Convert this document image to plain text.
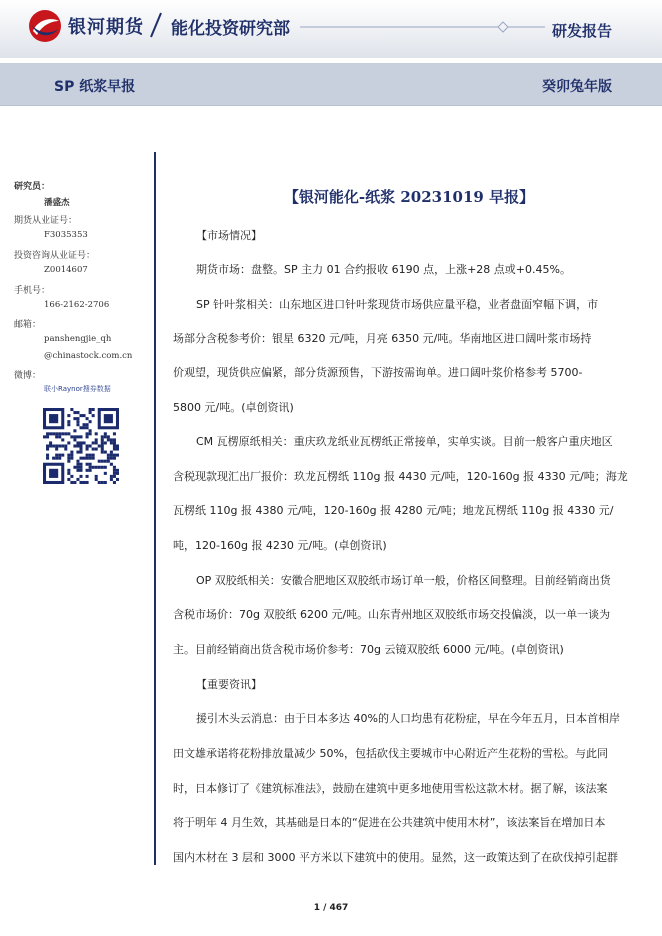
银河期货 能化投资研究部	研发报告
SP 纸浆早报	癸卯兔年版
研究员：
潘盛杰
期货从业证号：
F3035353
投资咨询从业证号：
Z0014607
手机号：
166-2162-2706
邮箱：
panshengjie_qh
@chinastock.com.cn
微博：
联小Raynor搜券数据
【银河能化-纸浆 20231019 早报】
【市场情况】
期货市场：盘整。SP 主力 01 合约报收 6190 点，上涨+28 点或+0.45%。
SP 针叶浆相关：山东地区进口针叶浆现货市场供应量平稳，业者盘面窄幅下调，市
场部分含税参考价：银星 6320 元/吨，月亮 6350 元/吨。华南地区进口阔叶浆市场持
价观望，现货供应偏紧，部分货源预售，下游按需询单。进口阔叶浆价格参考 5700-
5800 元/吨。(卓创资讯)
CM 瓦楞原纸相关：重庆玖龙纸业瓦楞纸正常接单，实单实谈。目前一般客户重庆地区
含税现款现汇出厂报价：玖龙瓦楞纸 110g 报 4430 元/吨，120-160g 报 4330 元/吨；海龙
瓦楞纸 110g 报 4380 元/吨，120-160g 报 4280 元/吨；地龙瓦楞纸 110g 报 4330 元/
吨，120-160g 报 4230 元/吨。(卓创资讯)
OP 双胶纸相关：安徽合肥地区双胶纸市场订单一般，价格区间整理。目前经销商出货
含税市场价：70g 双胶纸 6200 元/吨。山东青州地区双胶纸市场交投偏淡，以一单一谈为
主。目前经销商出货含税市场价参考：70g 云镜双胶纸 6000 元/吨。(卓创资讯)
【重要资讯】
援引木头云消息：由于日本多达 40%的人口均患有花粉症，早在今年五月，日本首相岸
田文雄承诺将花粉排放量减少 50%，包括砍伐主要城市中心附近产生花粉的雪松。与此同
时，日本修订了《建筑标准法》，鼓励在建筑中更多地使用雪松这款木材。据了解，该法案
将于明年 4 月生效，其基础是日本的“促进在公共建筑中使用木材”，该法案旨在增加日本
国内木材在 3 层和 3000 平方米以下建筑中的使用。显然，这一政策达到了在砍伐掉引起群
1 / 467
